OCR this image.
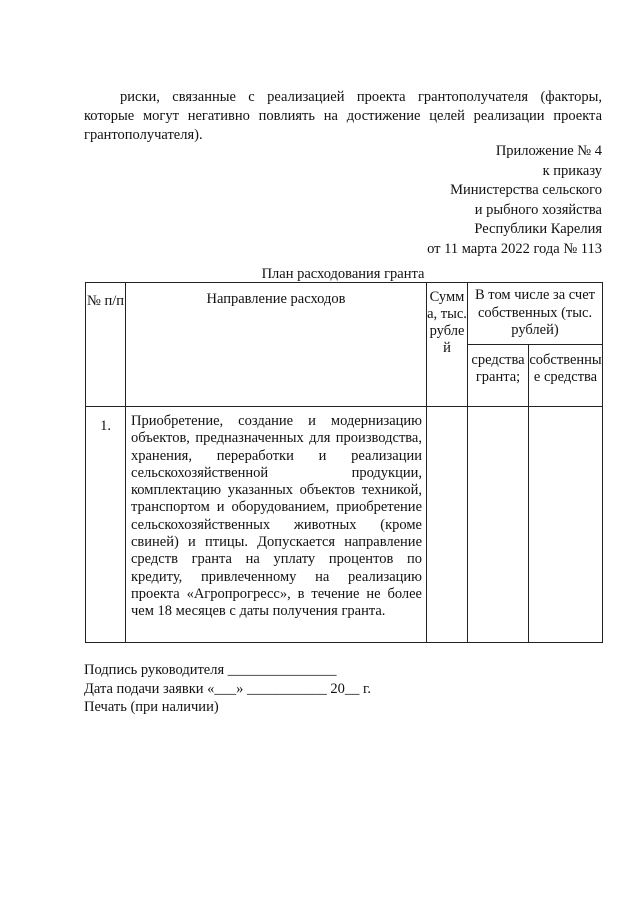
риски, связанные с реализацией проекта грантополучателя (факторы, которые могут негативно повлиять на достижение целей реализации проекта грантополучателя).

Приложение № 4
к приказу
Министерства сельского
и рыбного хозяйства
Республики Карелия
от 11 марта 2022 года № 113
План расходования гранта
№ п/п	Направление расходов	Сумма, тыс. рублей	В том числе за счет собственных (тыс. рублей)	
			средства гранта;	собственные средства
1.	Приобретение, создание и модернизацию объектов, предназначенных для производства, хранения, переработки и реализации сельскохозяйственной продукции, комплектацию указанных объектов техникой, транспортом и оборудованием, приобретение сельскохозяйственных животных (кроме свиней) и птицы. Допускается направление средств гранта на уплату процентов по кредиту, привлеченному на реализацию проекта «Агропрогресс», в течение не более чем 18 месяцев с даты получения гранта.			
Подпись руководителя _______________
Дата подачи заявки «___» ___________ 20__ г.
Печать (при наличии)
